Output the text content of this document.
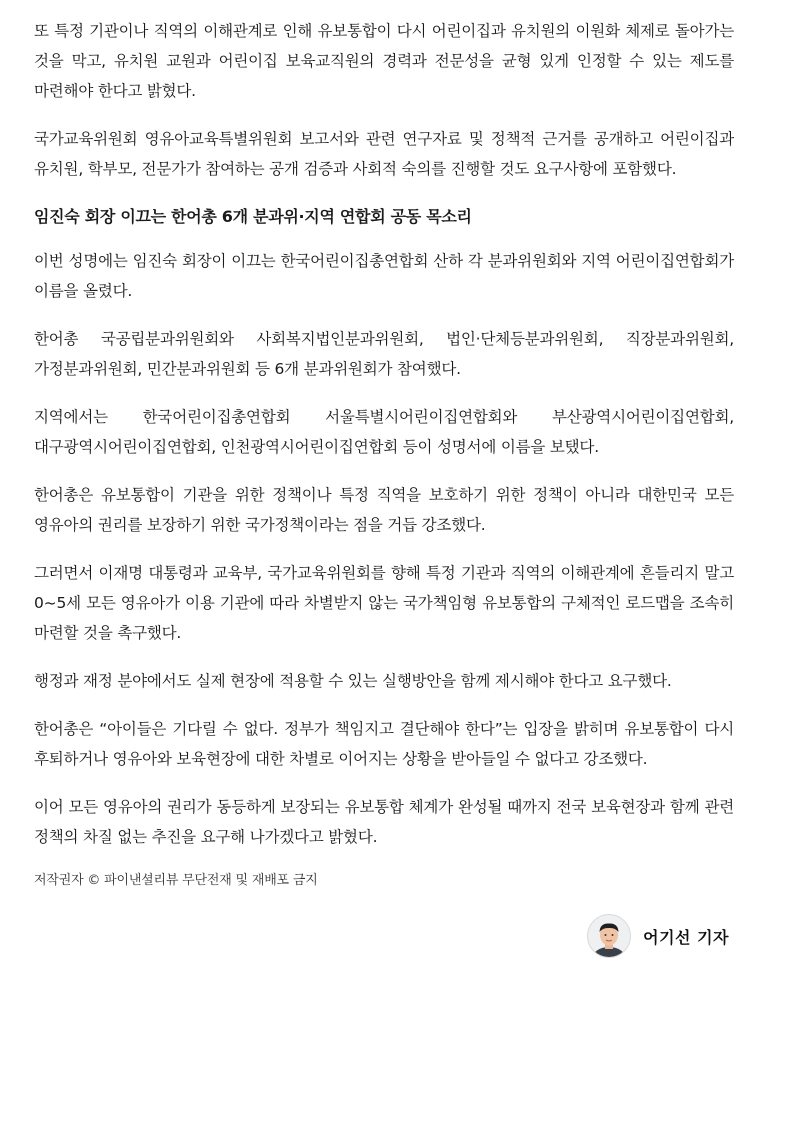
또 특정 기관이나 직역의 이해관계로 인해 유보통합이 다시 어린이집과 유치원의 이원화 체제로 돌아가는 것을 막고, 유치원 교원과 어린이집 보육교직원의 경력과 전문성을 균형 있게 인정할 수 있는 제도를 마련해야 한다고 밝혔다.

국가교육위원회 영유아교육특별위원회 보고서와 관련 연구자료 및 정책적 근거를 공개하고 어린이집과 유치원, 학부모, 전문가가 참여하는 공개 검증과 사회적 숙의를 진행할 것도 요구사항에 포함했다.

임진숙 회장 이끄는 한어총 6개 분과위·지역 연합회 공동 목소리

이번 성명에는 임진숙 회장이 이끄는 한국어린이집총연합회 산하 각 분과위원회와 지역 어린이집연합회가 이름을 올렸다.

한어총 국공립분과위원회와 사회복지법인분과위원회, 법인·단체등분과위원회, 직장분과위원회, 가정분과위원회, 민간분과위원회 등 6개 분과위원회가 참여했다.

지역에서는 한국어린이집총연합회 서울특별시어린이집연합회와 부산광역시어린이집연합회, 대구광역시어린이집연합회, 인천광역시어린이집연합회 등이 성명서에 이름을 보탰다.

한어총은 유보통합이 기관을 위한 정책이나 특정 직역을 보호하기 위한 정책이 아니라 대한민국 모든 영유아의 권리를 보장하기 위한 국가정책이라는 점을 거듭 강조했다.

그러면서 이재명 대통령과 교육부, 국가교육위원회를 향해 특정 기관과 직역의 이해관계에 흔들리지 말고 0~5세 모든 영유아가 이용 기관에 따라 차별받지 않는 국가책임형 유보통합의 구체적인 로드맵을 조속히 마련할 것을 촉구했다.

행정과 재정 분야에서도 실제 현장에 적용할 수 있는 실행방안을 함께 제시해야 한다고 요구했다.

한어총은 “아이들은 기다릴 수 없다. 정부가 책임지고 결단해야 한다”는 입장을 밝히며 유보통합이 다시 후퇴하거나 영유아와 보육현장에 대한 차별로 이어지는 상황을 받아들일 수 없다고 강조했다.

이어 모든 영유아의 권리가 동등하게 보장되는 유보통합 체계가 완성될 때까지 전국 보육현장과 함께 관련 정책의 차질 없는 추진을 요구해 나가겠다고 밝혔다.

저작권자 © 파이낸셜리뷰 무단전재 및 재배포 금지

어기선 기자
